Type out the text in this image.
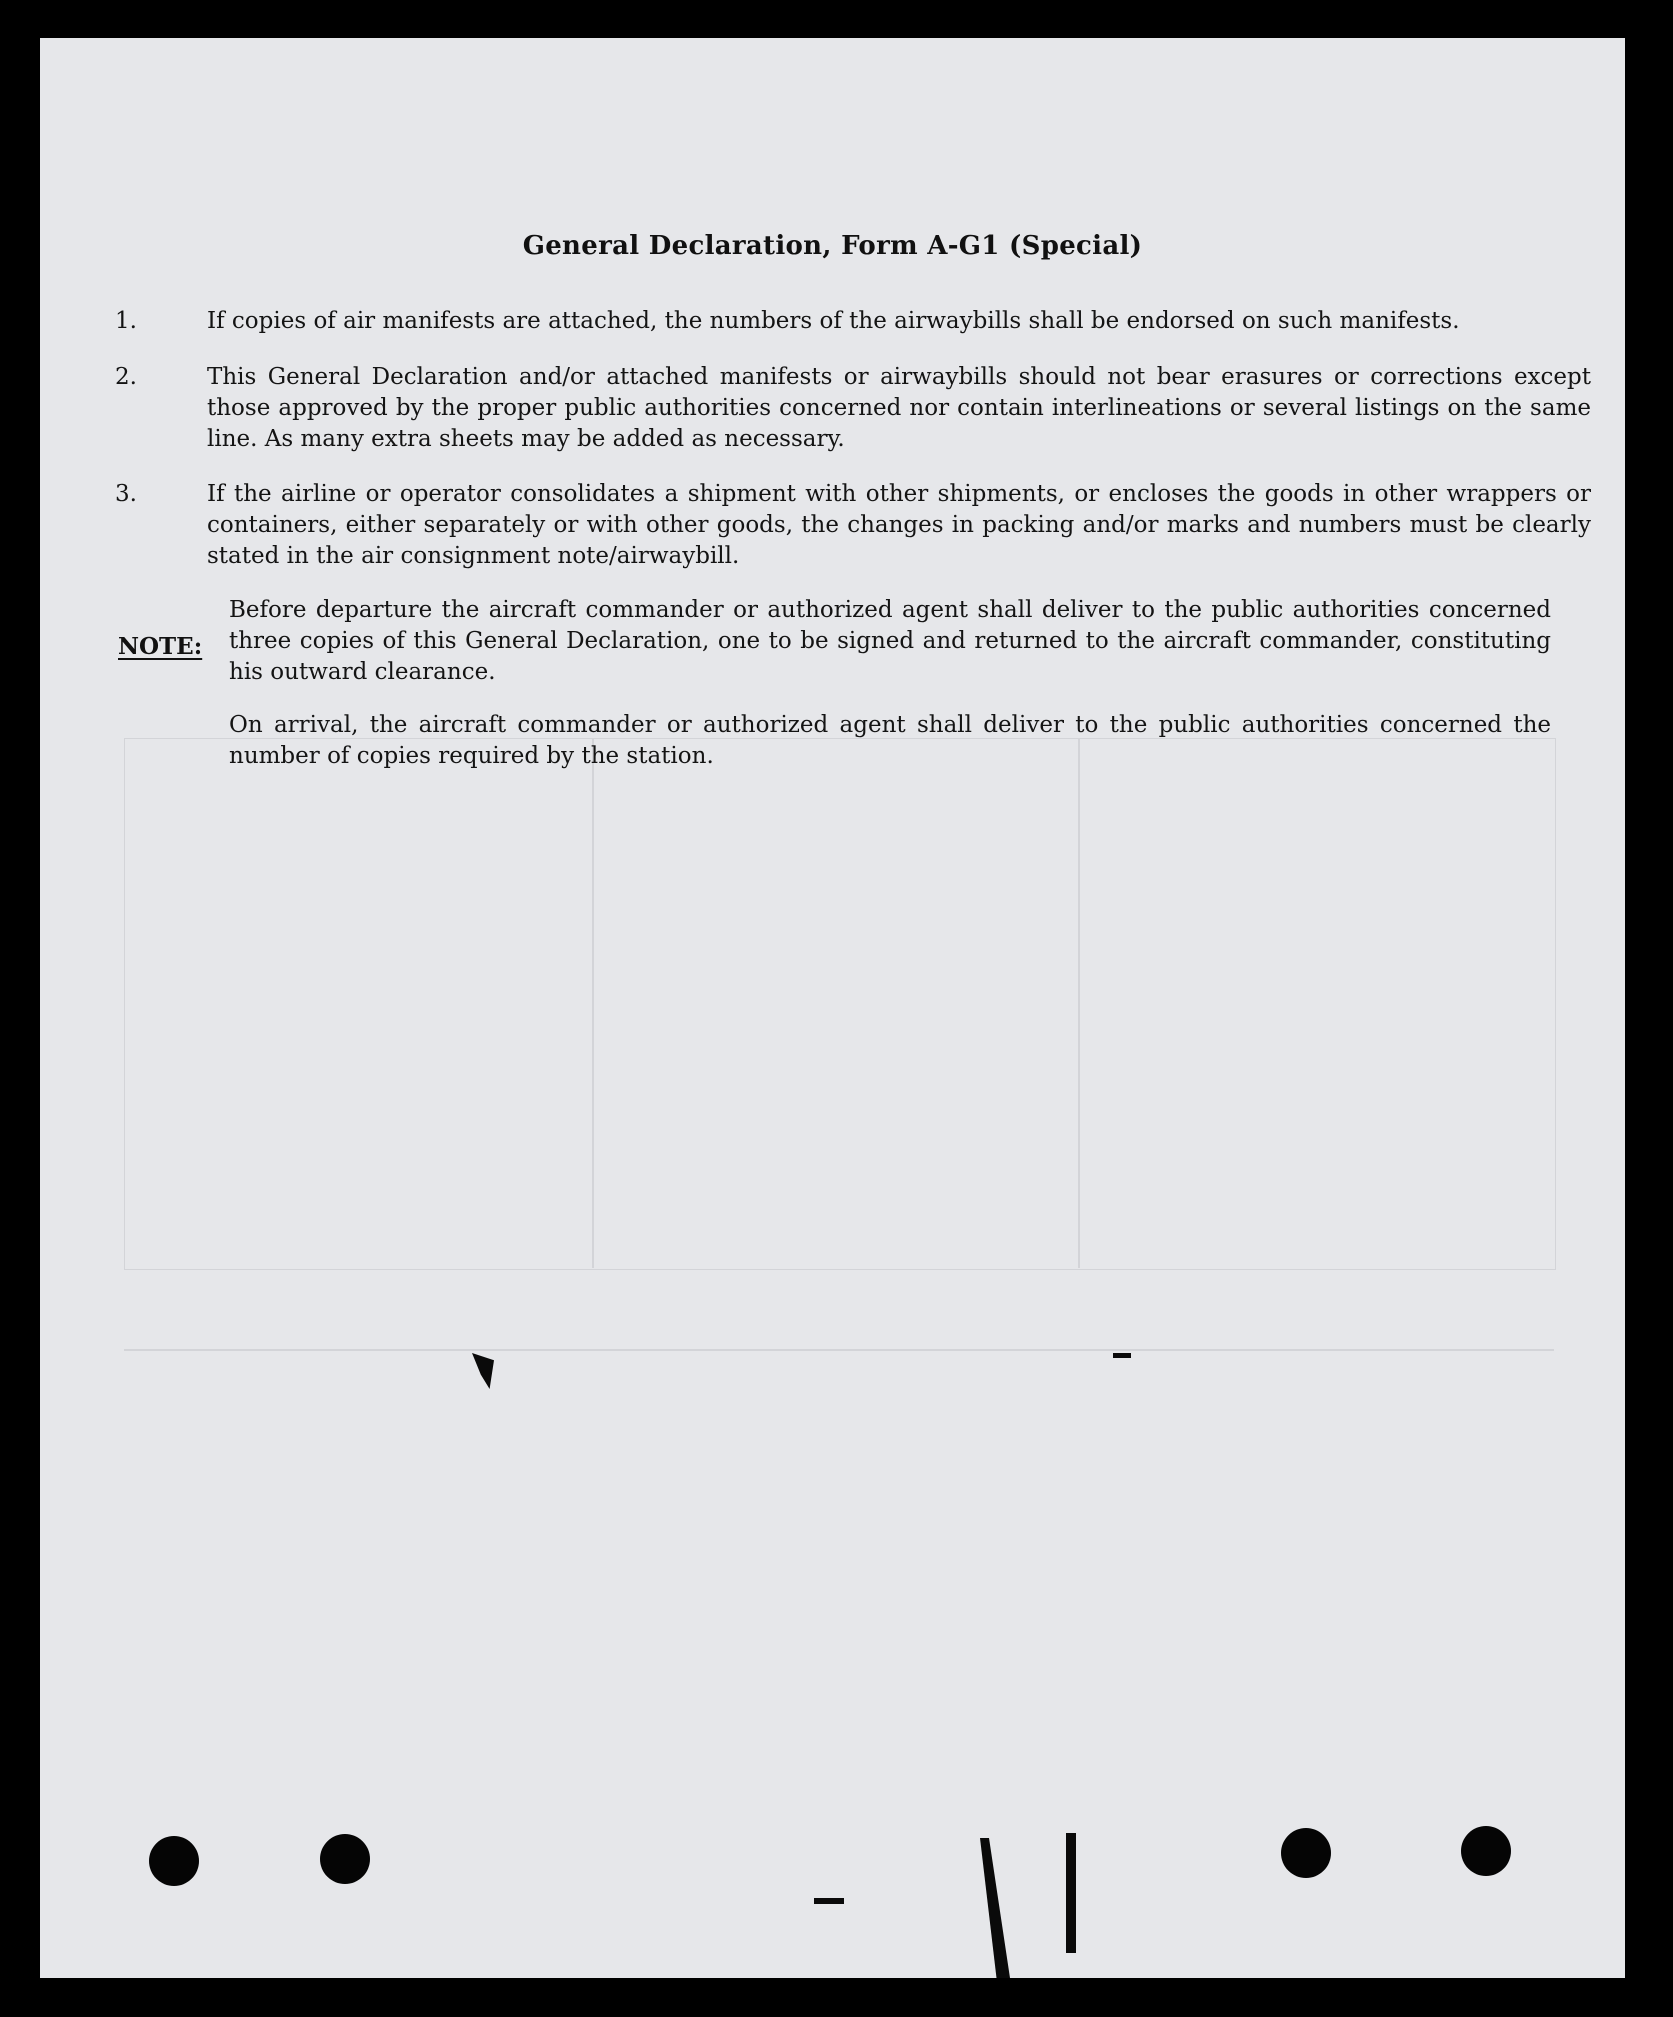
General Declaration, Form A-G1 (Special)
1.	If copies of air manifests are attached, the numbers of the airwaybills shall be endorsed on such manifests.
2.	This General Declaration and/or attached manifests or airwaybills should not bear erasures or corrections except those approved by the proper public authorities concerned nor contain interlineations or several listings on the same line. As many extra sheets may be added as necessary.
3.	If the airline or operator consolidates a shipment with other shipments, or encloses the goods in other wrappers or containers, either separately or with other goods, the changes in packing and/or marks and numbers must be clearly stated in the air consignment note/airwaybill.
NOTE:
Before departure the aircraft commander or authorized agent shall deliver to the public authorities concerned three copies of this General Declaration, one to be signed and returned to the aircraft commander, constituting his outward clearance.
On arrival, the aircraft commander or authorized agent shall deliver to the public authorities concerned the number of copies required by the station.
